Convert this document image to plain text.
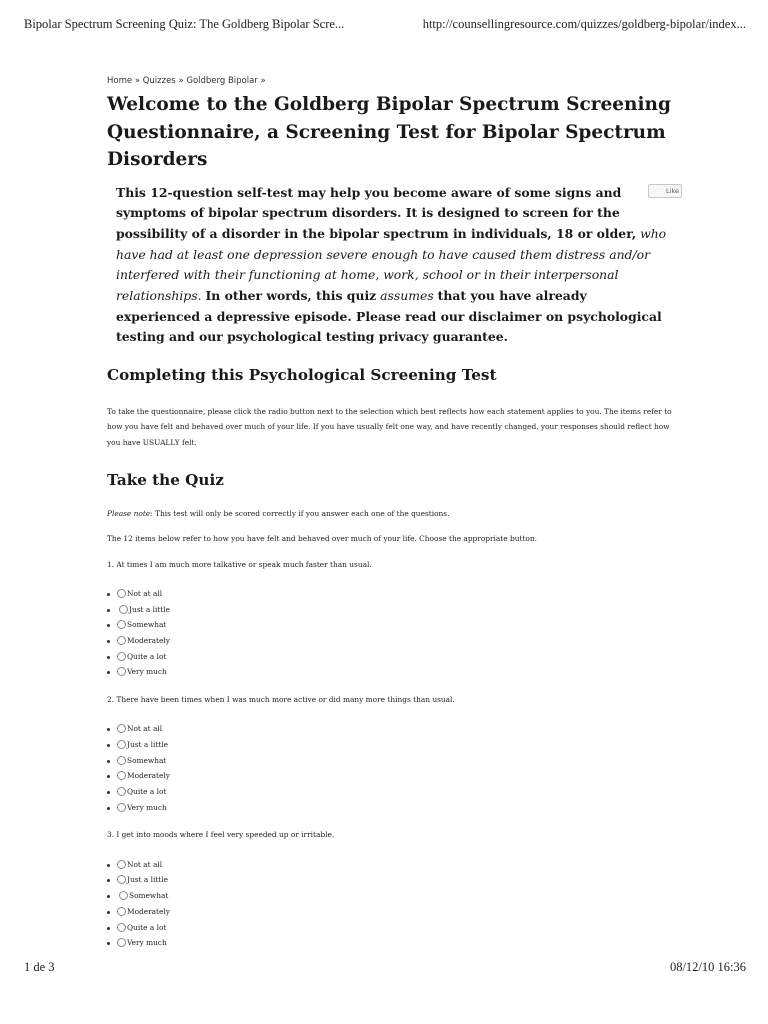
Bipolar Spectrum Screening Quiz: The Goldberg Bipolar Scre...	http://counsellingresource.com/quizzes/goldberg-bipolar/index...
Home » Quizzes » Goldberg Bipolar »
Welcome to the Goldberg Bipolar Spectrum Screening Questionnaire, a Screening Test for Bipolar Spectrum Disorders
Like

This 12-question self-test may help you become aware of some signs and symptoms of bipolar spectrum disorders. It is designed to screen for the possibility of a disorder in the bipolar spectrum in individuals, 18 or older, who have had at least one depression severe enough to have caused them distress and/or interfered with their functioning at home, work, school or in their interpersonal relationships. In other words, this quiz assumes that you have already experienced a depressive episode. Please read our disclaimer on psychological testing and our psychological testing privacy guarantee.

Completing this Psychological Screening Test

To take the questionnaire, please click the radio button next to the selection which best reflects how each statement applies to you. The items refer to how you have felt and behaved over much of your life. If you have usually felt one way, and have recently changed, your responses should reflect how you have USUALLY felt.

Take the Quiz

Please note: This test will only be scored correctly if you answer each one of the questions.

The 12 items below refer to how you have felt and behaved over much of your life. Choose the appropriate button.

1. At times I am much more talkative or speak much faster than usual.

Not at all
Just a little
Somewhat
Moderately
Quite a lot
Very much

2. There have been times when I was much more active or did many more things than usual.

Not at all
Just a little
Somewhat
Moderately
Quite a lot
Very much

3. I get into moods where I feel very speeded up or irritable.

Not at all
Just a little
Somewhat
Moderately
Quite a lot
Very much
1 de 3	08/12/10 16:36
